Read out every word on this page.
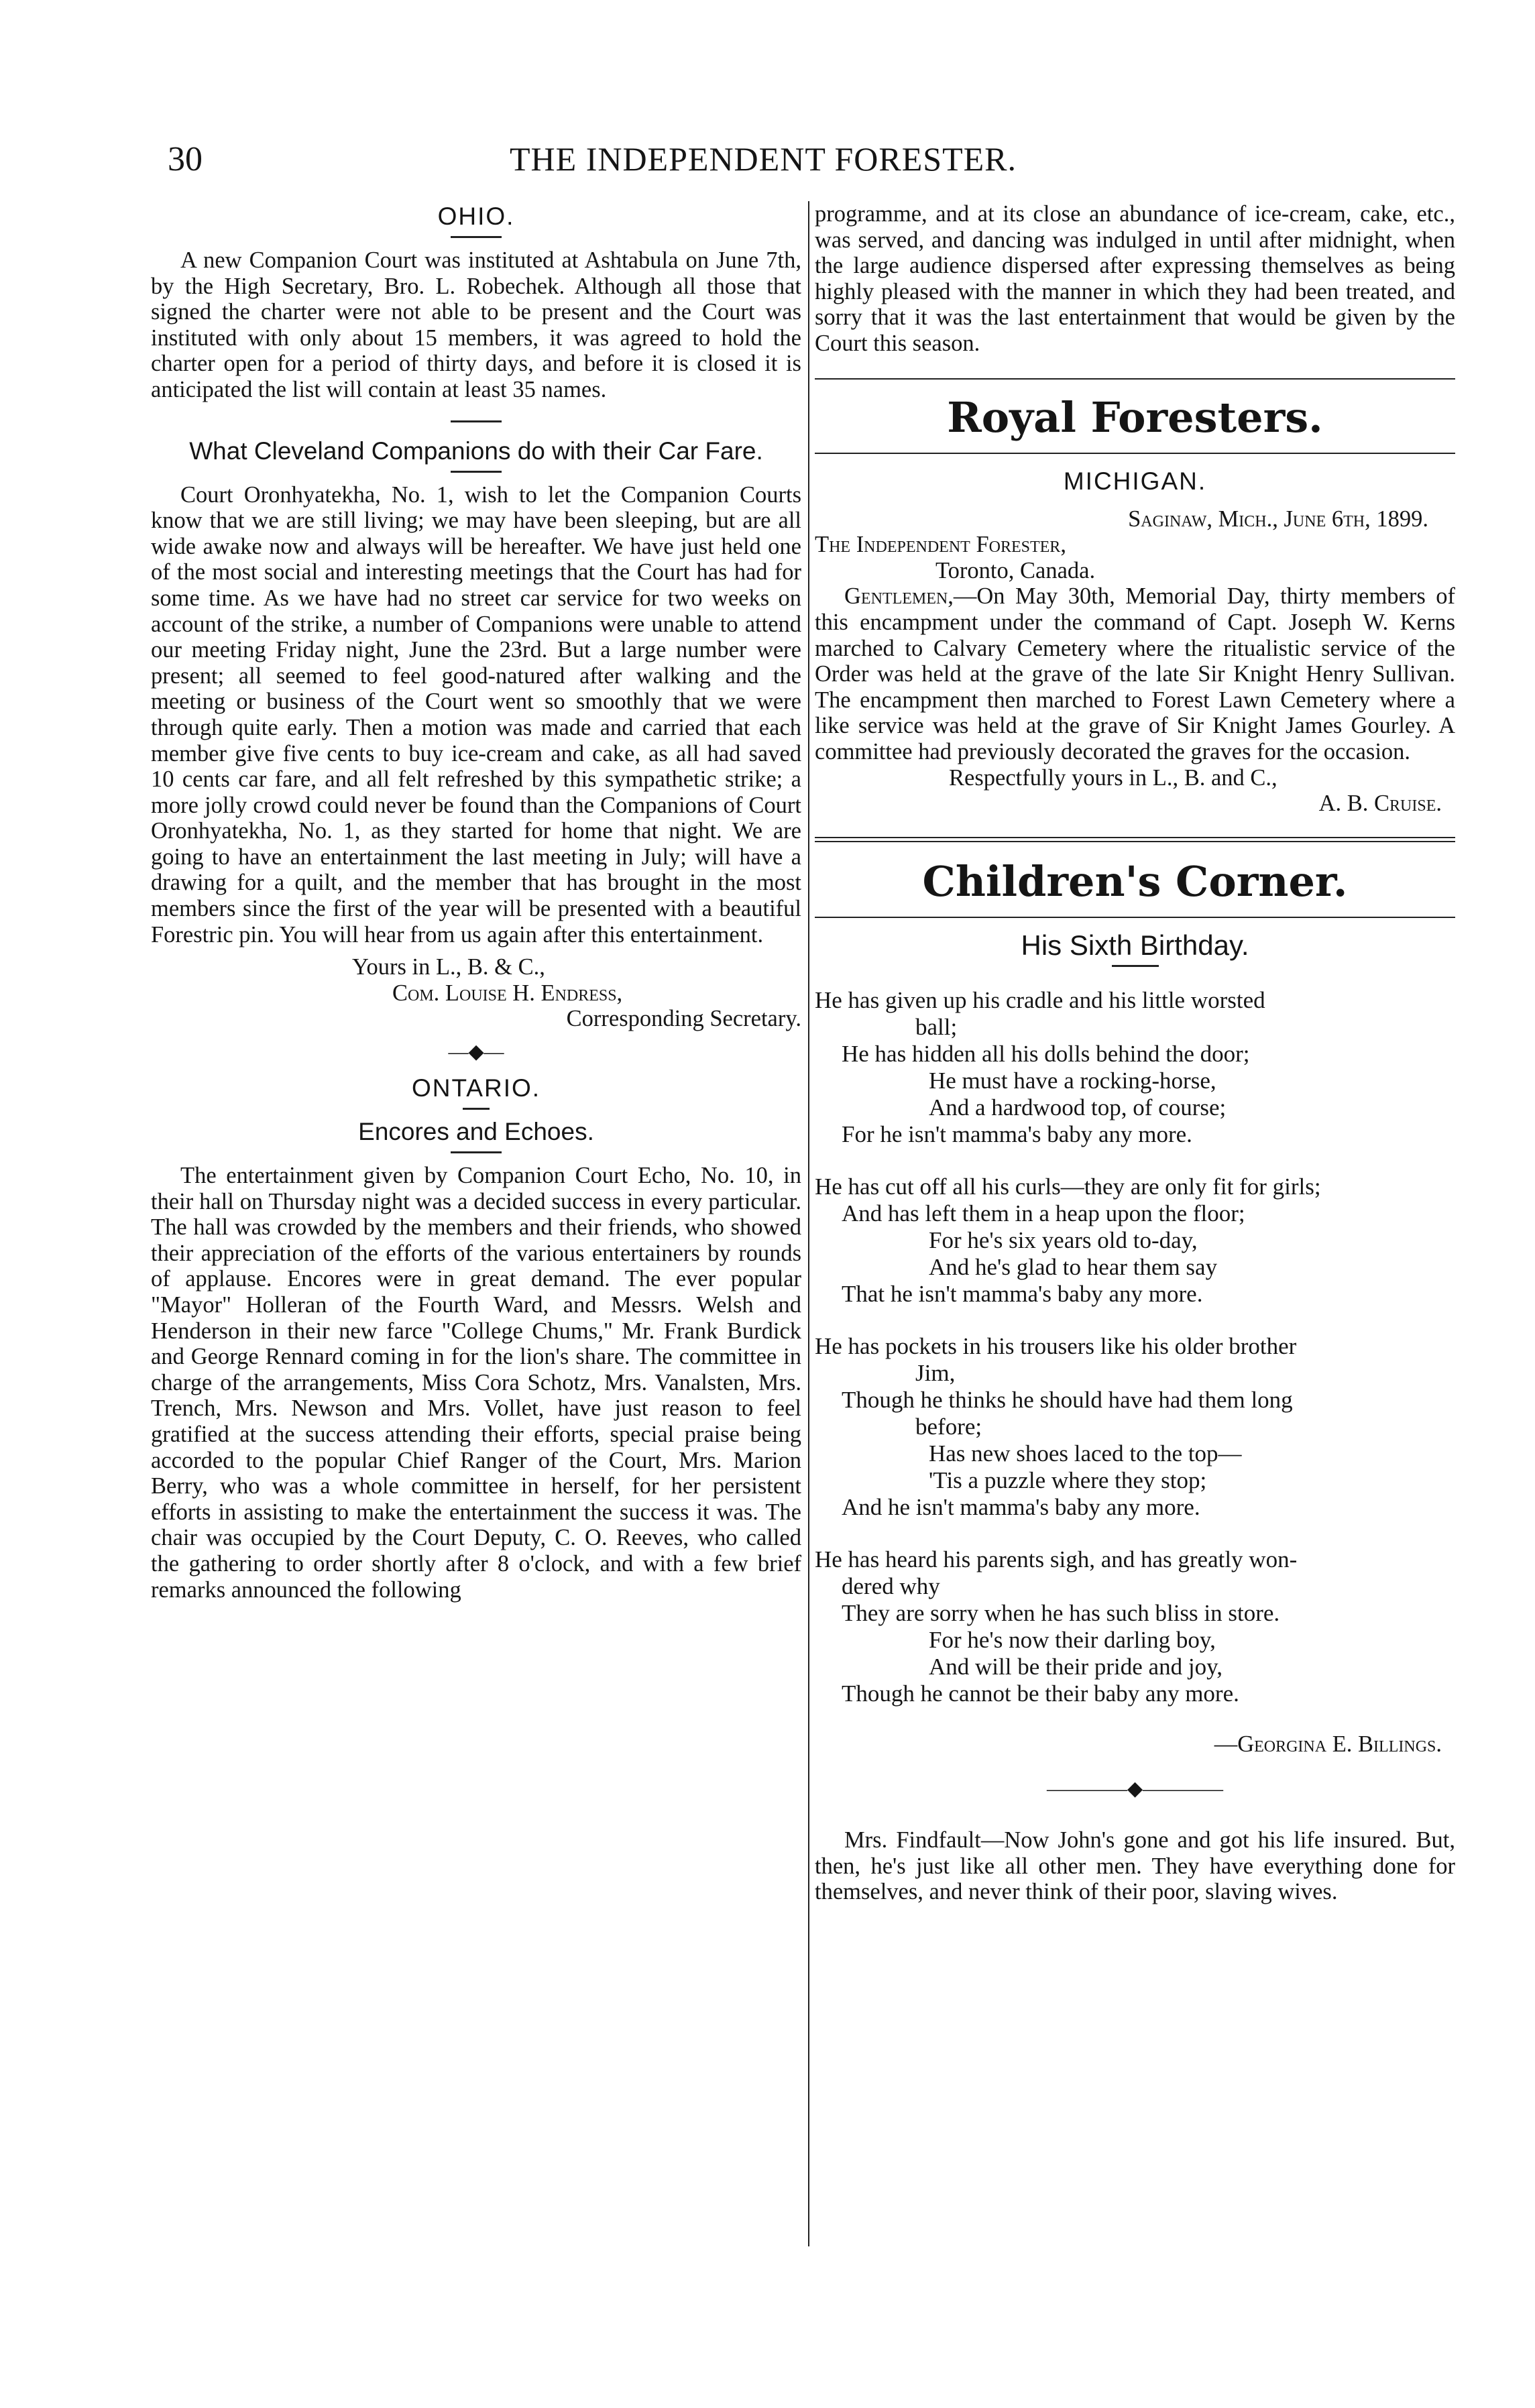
30	THE INDEPENDENT FORESTER.
OHIO.

A new Companion Court was instituted at Ashtabula on June 7th, by the High Secretary, Bro. L. Robechek. Although all those that signed the charter were not able to be present and the Court was instituted with only about 15 members, it was agreed to hold the charter open for a period of thirty days, and before it is closed it is anticipated the list will contain at least 35 names.

What Cleveland Companions do with their Car Fare.

Court Oronhyatekha, No. 1, wish to let the Companion Courts know that we are still living; we may have been sleeping, but are all wide awake now and always will be hereafter. We have just held one of the most social and interesting meetings that the Court has had for some time. As we have had no street car service for two weeks on account of the strike, a number of Companions were unable to attend our meeting Friday night, June the 23rd. But a large number were present; all seemed to feel good-natured after walking and the meeting or business of the Court went so smoothly that we were through quite early. Then a motion was made and carried that each member give five cents to buy ice-cream and cake, as all had saved 10 cents car fare, and all felt refreshed by this sympathetic strike; a more jolly crowd could never be found than the Companions of Court Oronhyatekha, No. 1, as they started for home that night. We are going to have an entertainment the last meeting in July; will have a drawing for a quilt, and the member that has brought in the most members since the first of the year will be presented with a beautiful Forestric pin. You will hear from us again after this entertainment.

Yours in L., B. & C.,

Com. Louise H. Endress,

Corresponding Secretary.

—◆—
ONTARIO.

Encores and Echoes.

The entertainment given by Companion Court Echo, No. 10, in their hall on Thursday night was a decided success in every particular. The hall was crowded by the members and their friends, who showed their appreciation of the efforts of the various entertainers by rounds of applause. Encores were in great demand. The ever popular "Mayor" Holleran of the Fourth Ward, and Messrs. Welsh and Henderson in their new farce "College Chums," Mr. Frank Burdick and George Rennard coming in for the lion's share. The committee in charge of the arrangements, Miss Cora Schotz, Mrs. Vanalsten, Mrs. Trench, Mrs. Newson and Mrs. Vollet, have just reason to feel gratified at the success attending their efforts, special praise being accorded to the popular Chief Ranger of the Court, Mrs. Marion Berry, who was a whole committee in herself, for her persistent efforts in assisting to make the entertainment the success it was. The chair was occupied by the Court Deputy, C. O. Reeves, who called the gathering to order shortly after 8 o'clock, and with a few brief remarks announced the following

programme, and at its close an abundance of ice-cream, cake, etc., was served, and dancing was indulged in until after midnight, when the large audience dispersed after expressing themselves as being highly pleased with the manner in which they had been treated, and sorry that it was the last entertainment that would be given by the Court this season.

Royal Foresters.
MICHIGAN.

Saginaw, Mich., June 6th, 1899.

The Independent Forester,

Toronto, Canada.

Gentlemen,—On May 30th, Memorial Day, thirty members of this encampment under the command of Capt. Joseph W. Kerns marched to Calvary Cemetery where the ritualistic service of the Order was held at the grave of the late Sir Knight Henry Sullivan. The encampment then marched to Forest Lawn Cemetery where a like service was held at the grave of Sir Knight James Gourley. A committee had previously decorated the graves for the occasion.

Respectfully yours in L., B. and C.,

A. B. Cruise.

Children's Corner.

His Sixth Birthday.

He has given up his cradle and his little worsted
ball;
He has hidden all his dolls behind the door;
He must have a rocking-horse,
And a hardwood top, of course;
For he isn't mamma's baby any more.
He has cut off all his curls—they are only fit for girls;
And has left them in a heap upon the floor;
For he's six years old to-day,
And he's glad to hear them say
That he isn't mamma's baby any more.
He has pockets in his trousers like his older brother
Jim,
Though he thinks he should have had them long
before;
Has new shoes laced to the top—
'Tis a puzzle where they stop;
And he isn't mamma's baby any more.
He has heard his parents sigh, and has greatly won-
dered why
They are sorry when he has such bliss in store.
For he's now their darling boy,
And will be their pride and joy,
Though he cannot be their baby any more.

—Georgina E. Billings.

————◆————

Mrs. Findfault—Now John's gone and got his life insured. But, then, he's just like all other men. They have everything done for themselves, and never think of their poor, slaving wives.
